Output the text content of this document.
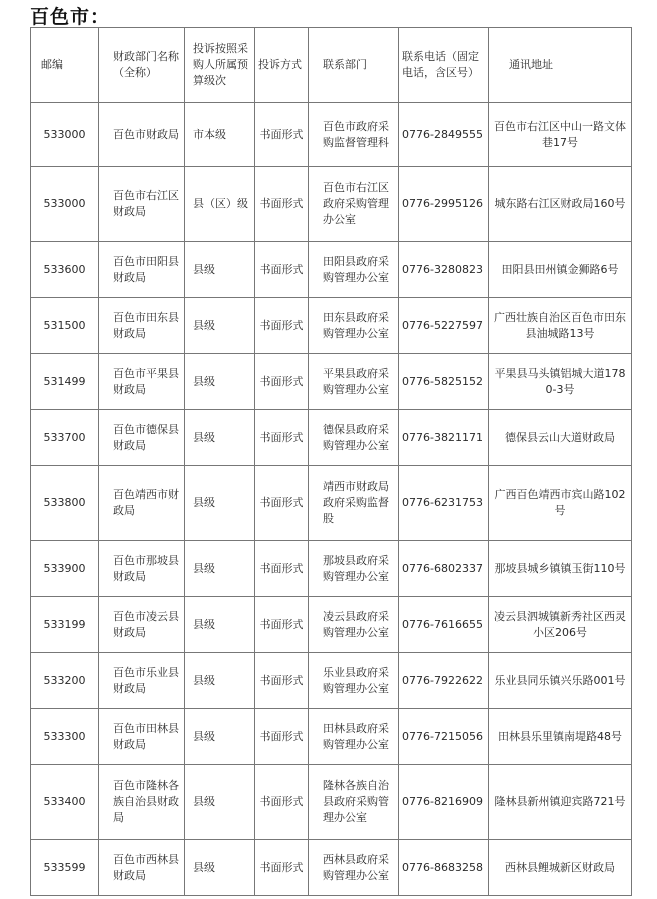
百色市：
邮编	财政部门名称（全称）	投诉按照采购人所属预算级次	投诉方式	联系部门	联系电话（固定电话，含区号）	通讯地址
533000	百色市财政局	市本级	书面形式	百色市政府采购监督管理科	0776-2849555	百色市右江区中山一路文体巷17号
533000	百色市右江区财政局	县（区）级	书面形式	百色市右江区政府采购管理办公室	0776-2995126	城东路右江区财政局160号
533600	百色市田阳县财政局	县级	书面形式	田阳县政府采购管理办公室	0776-3280823	田阳县田州镇金狮路6号
531500	百色市田东县财政局	县级	书面形式	田东县政府采购管理办公室	0776-5227597	广西壮族自治区百色市田东县油城路13号
531499	百色市平果县财政局	县级	书面形式	平果县政府采购管理办公室	0776-5825152	平果县马头镇铝城大道1780-3号
533700	百色市德保县财政局	县级	书面形式	德保县政府采购管理办公室	0776-3821171	德保县云山大道财政局
533800	百色靖西市财政局	县级	书面形式	靖西市财政局政府采购监督股	0776-6231753	广西百色靖西市宾山路102号
533900	百色市那坡县财政局	县级	书面形式	那坡县政府采购管理办公室	0776-6802337	那坡县城乡镇镇玉街110号
533199	百色市凌云县财政局	县级	书面形式	凌云县政府采购管理办公室	0776-7616655	凌云县泗城镇新秀社区西灵小区206号
533200	百色市乐业县财政局	县级	书面形式	乐业县政府采购管理办公室	0776-7922622	乐业县同乐镇兴乐路001号
533300	百色市田林县财政局	县级	书面形式	田林县政府采购管理办公室	0776-7215056	田林县乐里镇南堤路48号
533400	百色市隆林各族自治县财政局	县级	书面形式	隆林各族自治县政府采购管理办公室	0776-8216909	隆林县新州镇迎宾路721号
533599	百色市西林县财政局	县级	书面形式	西林县政府采购管理办公室	0776-8683258	西林县鲤城新区财政局
